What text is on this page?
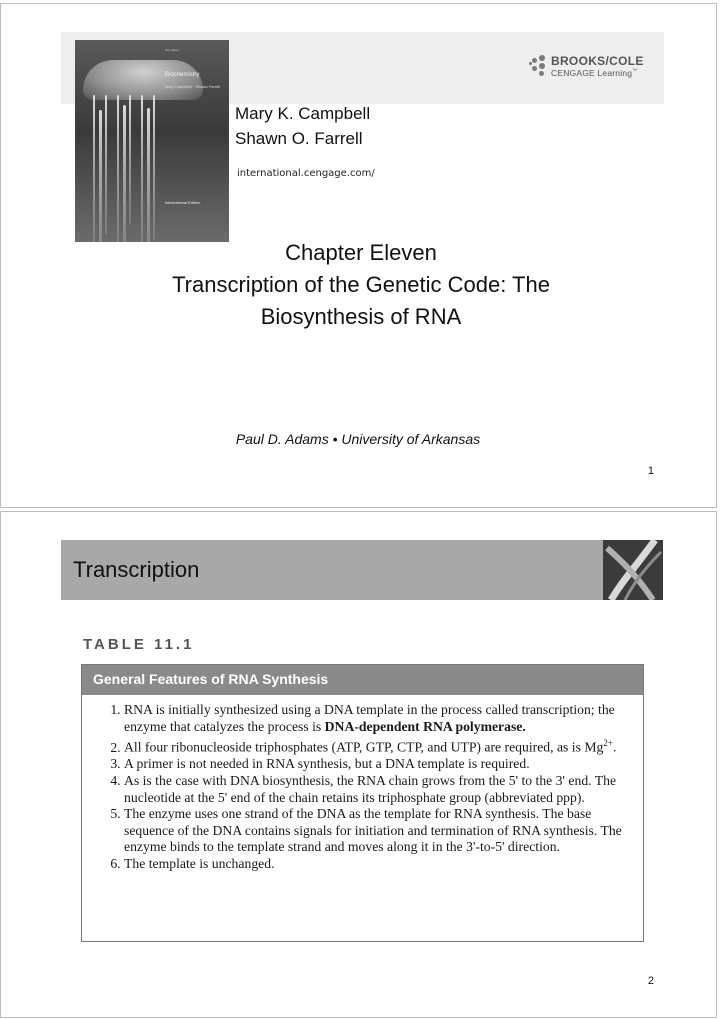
3rd edition
Biochemistry
Mary Campbell · Shawn Farrell
International Edition
BROOKS/COLE
CENGAGE Learning™
Mary K. Campbell
Shawn O. Farrell
international.cengage.com/
Chapter Eleven
Transcription of the Genetic Code: The
Biosynthesis of RNA
Paul D. Adams • University of Arkansas
1
Transcription
TABLE 11.1
General Features of RNA Synthesis
1. RNA is initially synthesized using a DNA template in the process called transcription; the enzyme that catalyzes the process is DNA-dependent RNA polymerase.
2. All four ribonucleoside triphosphates (ATP, GTP, CTP, and UTP) are required, as is $Mg^{2+}$.
3. A primer is not needed in RNA synthesis, but a DNA template is required.
4. As is the case with DNA biosynthesis, the RNA chain grows from the 5' to the 3' end. The nucleotide at the 5' end of the chain retains its triphosphate group (abbreviated ppp).
5. The enzyme uses one strand of the DNA as the template for RNA synthesis. The base sequence of the DNA contains signals for initiation and termination of RNA synthesis. The enzyme binds to the template strand and moves along it in the 3'-to-5' direction.
6. The template is unchanged.
2
